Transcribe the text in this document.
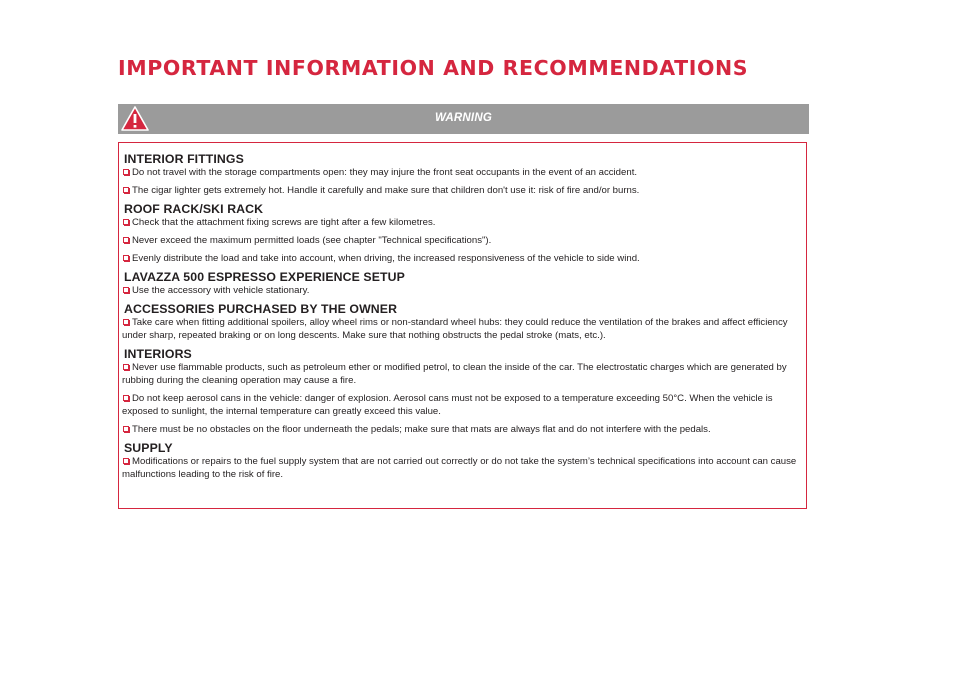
IMPORTANT INFORMATION AND RECOMMENDATIONS
WARNING
INTERIOR FITTINGS

Do not travel with the storage compartments open: they may injure the front seat occupants in the event of an accident.

The cigar lighter gets extremely hot. Handle it carefully and make sure that children don't use it: risk of fire and/or burns.

ROOF RACK/SKI RACK

Check that the attachment fixing screws are tight after a few kilometres.

Never exceed the maximum permitted loads (see chapter "Technical specifications").

Evenly distribute the load and take into account, when driving, the increased responsiveness of the vehicle to side wind.

LAVAZZA 500 ESPRESSO EXPERIENCE SETUP

Use the accessory with vehicle stationary.

ACCESSORIES PURCHASED BY THE OWNER

Take care when fitting additional spoilers, alloy wheel rims or non-standard wheel hubs: they could reduce the ventilation of the brakes and affect efficiency under sharp, repeated braking or on long descents. Make sure that nothing obstructs the pedal stroke (mats, etc.).

INTERIORS

Never use flammable products, such as petroleum ether or modified petrol, to clean the inside of the car. The electrostatic charges which are generated by rubbing during the cleaning operation may cause a fire.

Do not keep aerosol cans in the vehicle: danger of explosion. Aerosol cans must not be exposed to a temperature exceeding 50°C. When the vehicle is exposed to sunlight, the internal temperature can greatly exceed this value.

There must be no obstacles on the floor underneath the pedals; make sure that mats are always flat and do not interfere with the pedals.

SUPPLY

Modifications or repairs to the fuel supply system that are not carried out correctly or do not take the system’s technical specifications into account can cause malfunctions leading to the risk of fire.
